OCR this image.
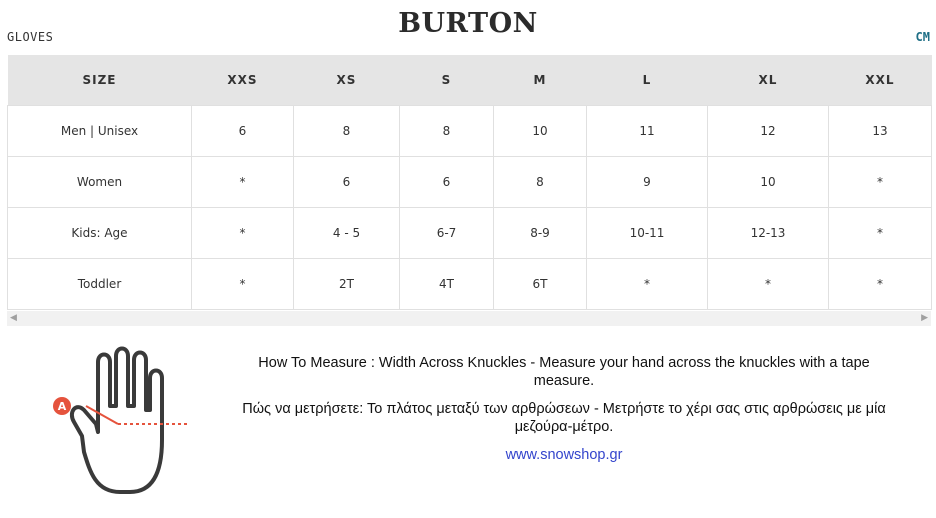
BURTON
GLOVES	CM
SIZE	XXS	XS	S	M	L	XL	XXL
Men | Unisex	6	8	8	10	11	12	13
Women	*	6	6	8	9	10	*
Kids: Age	*	4 - 5	6-7	8-9	10-11	12-13	*
Toddler	*	2T	4T	6T	*	*	*
◀	▶
A

How To Measure : Width Across Knuckles - Measure your hand across the knuckles with a tape measure.

Πώς να μετρήσετε: Το πλάτος μεταξύ των αρθρώσεων - Μετρήστε το χέρι σας στις αρθρώσεις με μία μεζούρα-μέτρο.

www.snowshop.gr
